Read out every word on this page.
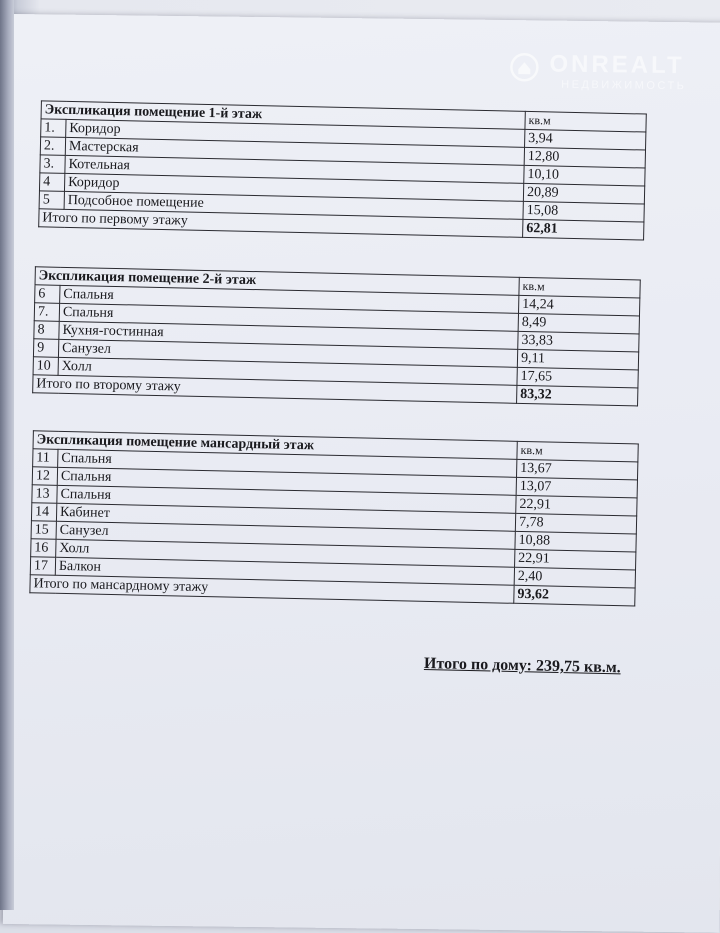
ONREALT
НЕДВИЖИМОСТЬ
Экспликация помещение 1-й этаж		кв.м
1.	Коридор	3,94
2.	Мастерская	12,80
3.	Котельная	10,10
4	Коридор	20,89
5	Подсобное помещение	15,08
Итого по первому этажу		62,81
Экспликация помещение 2-й этаж		кв.м
6	Спальня	14,24
7.	Спальня	8,49
8	Кухня-гостинная	33,83
9	Санузел	9,11
10	Холл	17,65
Итого по второму этажу		83,32
Экспликация помещение мансардный этаж		кв.м
11	Спальня	13,67
12	Спальня	13,07
13	Спальня	22,91
14	Кабинет	7,78
15	Санузел	10,88
16	Холл	22,91
17	Балкон	2,40
Итого по мансардному этажу		93,62
Итого по дому: 239,75 кв.м.
